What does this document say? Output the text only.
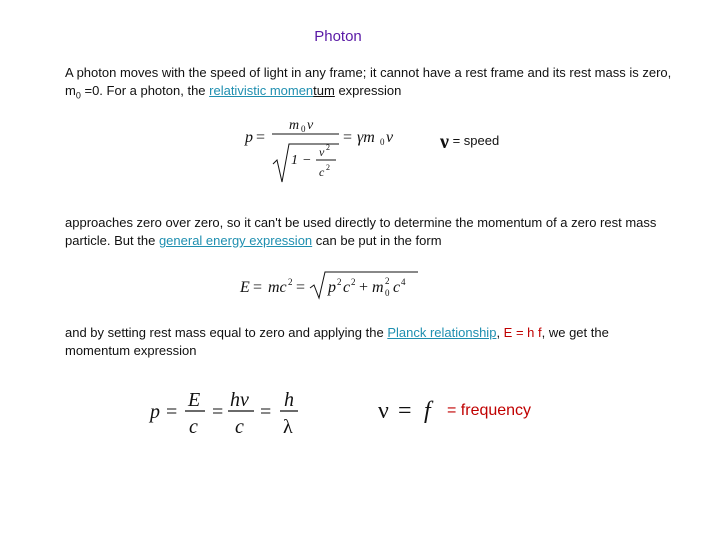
Photon
A photon moves with the speed of light in any frame; it cannot have a rest frame and its rest mass is zero, $m_0 =0$. For a photon, the relativistic momentum expression
p =
m 0 v
1 −
v 2
c 2
= γm 0 v ν = speed
approaches zero over zero, so it can't be used directly to determine the momentum of a zero rest mass particle. But the general energy expression can be put in the form
E = mc 2 = p 2 c 2 + m 2
0 c 4
and by setting rest mass equal to zero and applying the Planck relationship, E = h f, we get the momentum expression
p =
E
c
=
hν
c
=
h
λ
ν = f = frequency
